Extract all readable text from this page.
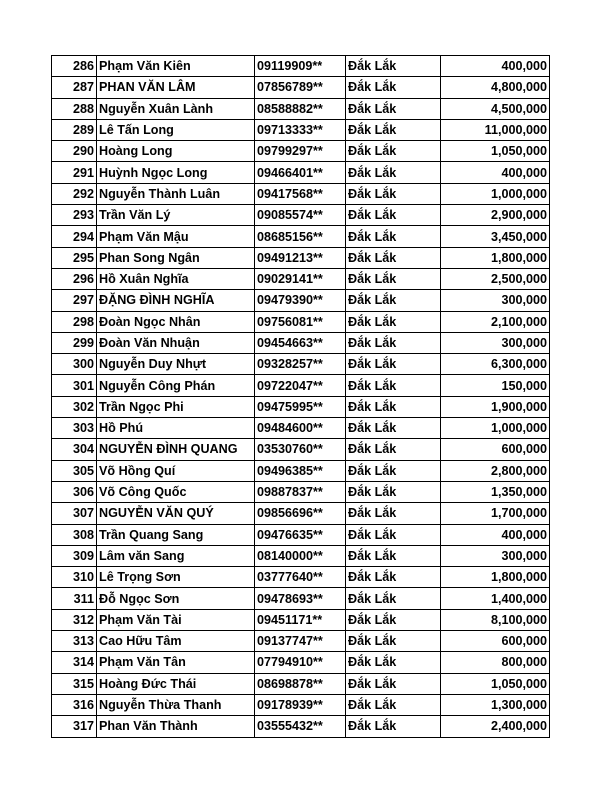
286	Phạm Văn Kiên	09119909**	Đắk Lắk	400,000
287	PHAN VĂN LÂM	07856789**	Đắk Lắk	4,800,000
288	Nguyễn Xuân Lành	08588882**	Đắk Lắk	4,500,000
289	Lê Tấn Long	09713333**	Đắk Lắk	11,000,000
290	Hoàng Long	09799297**	Đắk Lắk	1,050,000
291	Huỳnh Ngọc Long	09466401**	Đắk Lắk	400,000
292	Nguyễn Thành Luân	09417568**	Đắk Lắk	1,000,000
293	Trần Văn Lý	09085574**	Đắk Lắk	2,900,000
294	Phạm Văn Mậu	08685156**	Đắk Lắk	3,450,000
295	Phan Song Ngân	09491213**	Đắk Lắk	1,800,000
296	Hồ Xuân Nghĩa	09029141**	Đắk Lắk	2,500,000
297	ĐẶNG ĐÌNH NGHĨA	09479390**	Đắk Lắk	300,000
298	Đoàn Ngọc Nhân	09756081**	Đắk Lắk	2,100,000
299	Đoàn Văn Nhuận	09454663**	Đắk Lắk	300,000
300	Nguyễn Duy Nhựt	09328257**	Đắk Lắk	6,300,000
301	Nguyễn Công Phán	09722047**	Đắk Lắk	150,000
302	Trần Ngọc Phi	09475995**	Đắk Lắk	1,900,000
303	Hồ Phú	09484600**	Đắk Lắk	1,000,000
304	NGUYỄN ĐÌNH QUANG	03530760**	Đắk Lắk	600,000
305	Võ Hồng Quí	09496385**	Đắk Lắk	2,800,000
306	Võ Công Quốc	09887837**	Đắk Lắk	1,350,000
307	NGUYỄN VĂN QUÝ	09856696**	Đắk Lắk	1,700,000
308	Trần Quang Sang	09476635**	Đắk Lắk	400,000
309	Lâm văn Sang	08140000**	Đắk Lắk	300,000
310	Lê Trọng Sơn	03777640**	Đắk Lắk	1,800,000
311	Đỗ Ngọc Sơn	09478693**	Đắk Lắk	1,400,000
312	Phạm Văn Tài	09451171**	Đắk Lắk	8,100,000
313	Cao Hữu Tâm	09137747**	Đắk Lắk	600,000
314	Phạm Văn Tân	07794910**	Đắk Lắk	800,000
315	Hoàng Đức Thái	08698878**	Đắk Lắk	1,050,000
316	Nguyễn Thừa Thanh	09178939**	Đắk Lắk	1,300,000
317	Phan Văn Thành	03555432**	Đắk Lắk	2,400,000
